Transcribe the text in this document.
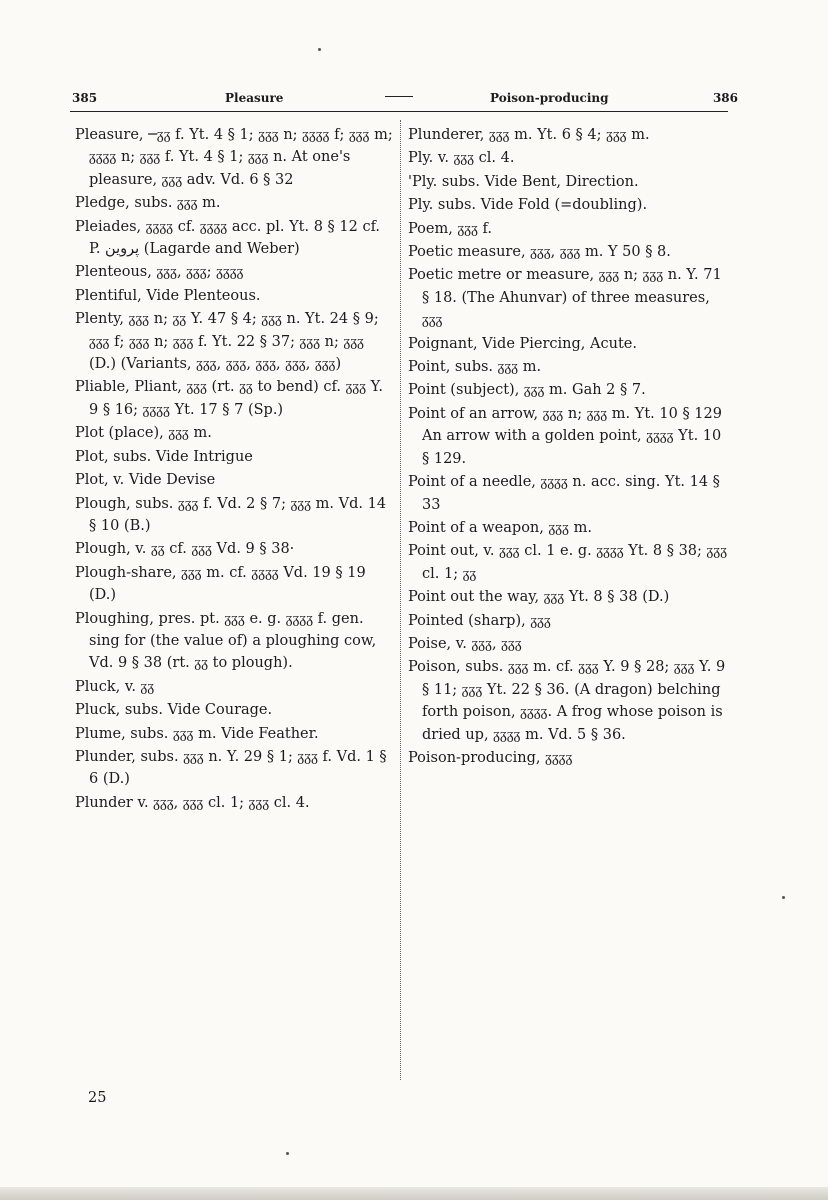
385	Pleasure	Poison-producing	386
Pleasure, ─ᵹᵹ f. Yt. 4 § 1; ᵹᵹᵹ n; ᵹᵹᵹᵹ f; ᵹᵹᵹ m; ᵹᵹᵹᵹ n; ᵹᵹᵹ f. Yt. 4 § 1; ᵹᵹᵹ n. At one's pleasure, ᵹᵹᵹ adv. Vd. 6 § 32
Pledge, subs. ᵹᵹᵹ m.
Pleiades, ᵹᵹᵹᵹ cf. ᵹᵹᵹᵹ acc. pl. Yt. 8 § 12 cf. P. پروين (Lagarde and Weber)
Plenteous, ᵹᵹᵹ, ᵹᵹᵹ; ᵹᵹᵹᵹ
Plentiful, Vide Plenteous.
Plenty, ᵹᵹᵹ n; ᵹᵹ Y. 47 § 4; ᵹᵹᵹ n. Yt. 24 § 9; ᵹᵹᵹ f; ᵹᵹᵹ n; ᵹᵹᵹ f. Yt. 22 § 37; ᵹᵹᵹ n; ᵹᵹᵹ (D.) (Variants, ᵹᵹᵹ, ᵹᵹᵹ, ᵹᵹᵹ, ᵹᵹᵹ, ᵹᵹᵹ)
Pliable, Pliant, ᵹᵹᵹ (rt. ᵹᵹ to bend) cf. ᵹᵹᵹ Y. 9 § 16; ᵹᵹᵹᵹ Yt. 17 § 7 (Sp.)
Plot (place), ᵹᵹᵹ m.
Plot, subs. Vide Intrigue
Plot, v. Vide Devise
Plough, subs. ᵹᵹᵹ f. Vd. 2 § 7; ᵹᵹᵹ m. Vd. 14 § 10 (B.)
Plough, v. ᵹᵹ cf. ᵹᵹᵹ Vd. 9 § 38·
Plough-share, ᵹᵹᵹ m. cf. ᵹᵹᵹᵹ Vd. 19 § 19 (D.)
Ploughing, pres. pt. ᵹᵹᵹ e. g. ᵹᵹᵹᵹ f. gen. sing for (the value of) a ploughing cow, Vd. 9 § 38 (rt. ᵹᵹ to plough).
Pluck, v. ᵹᵹ
Pluck, subs. Vide Courage.
Plume, subs. ᵹᵹᵹ m. Vide Feather.
Plunder, subs. ᵹᵹᵹ n. Y. 29 § 1; ᵹᵹᵹ f. Vd. 1 § 6 (D.)
Plunder v. ᵹᵹᵹ, ᵹᵹᵹ cl. 1; ᵹᵹᵹ cl. 4.
Plunderer, ᵹᵹᵹ m. Yt. 6 § 4; ᵹᵹᵹ m.
Ply. v. ᵹᵹᵹ cl. 4.
'Ply. subs. Vide Bent, Direction.
Ply. subs. Vide Fold (=doubling).
Poem, ᵹᵹᵹ f.
Poetic measure, ᵹᵹᵹ, ᵹᵹᵹ m. Y 50 § 8.
Poetic metre or measure, ᵹᵹᵹ n; ᵹᵹᵹ n. Y. 71 § 18. (The Ahunvar) of three measures, ᵹᵹᵹ
Poignant, Vide Piercing, Acute.
Point, subs. ᵹᵹᵹ m.
Point (subject), ᵹᵹᵹ m. Gah 2 § 7.
Point of an arrow, ᵹᵹᵹ n; ᵹᵹᵹ m. Yt. 10 § 129 An arrow with a golden point, ᵹᵹᵹᵹ Yt. 10 § 129.
Point of a needle, ᵹᵹᵹᵹ n. acc. sing. Yt. 14 § 33
Point of a weapon, ᵹᵹᵹ m.
Point out, v. ᵹᵹᵹ cl. 1 e. g. ᵹᵹᵹᵹ Yt. 8 § 38; ᵹᵹᵹ cl. 1; ᵹᵹ
Point out the way, ᵹᵹᵹ Yt. 8 § 38 (D.)
Pointed (sharp), ᵹᵹᵹ
Poise, v. ᵹᵹᵹ, ᵹᵹᵹ
Poison, subs. ᵹᵹᵹ m. cf. ᵹᵹᵹ Y. 9 § 28; ᵹᵹᵹ Y. 9 § 11; ᵹᵹᵹ Yt. 22 § 36. (A dragon) belching forth poison, ᵹᵹᵹᵹ. A frog whose poison is dried up, ᵹᵹᵹᵹ m. Vd. 5 § 36.
Poison-producing, ᵹᵹᵹᵹ
25
